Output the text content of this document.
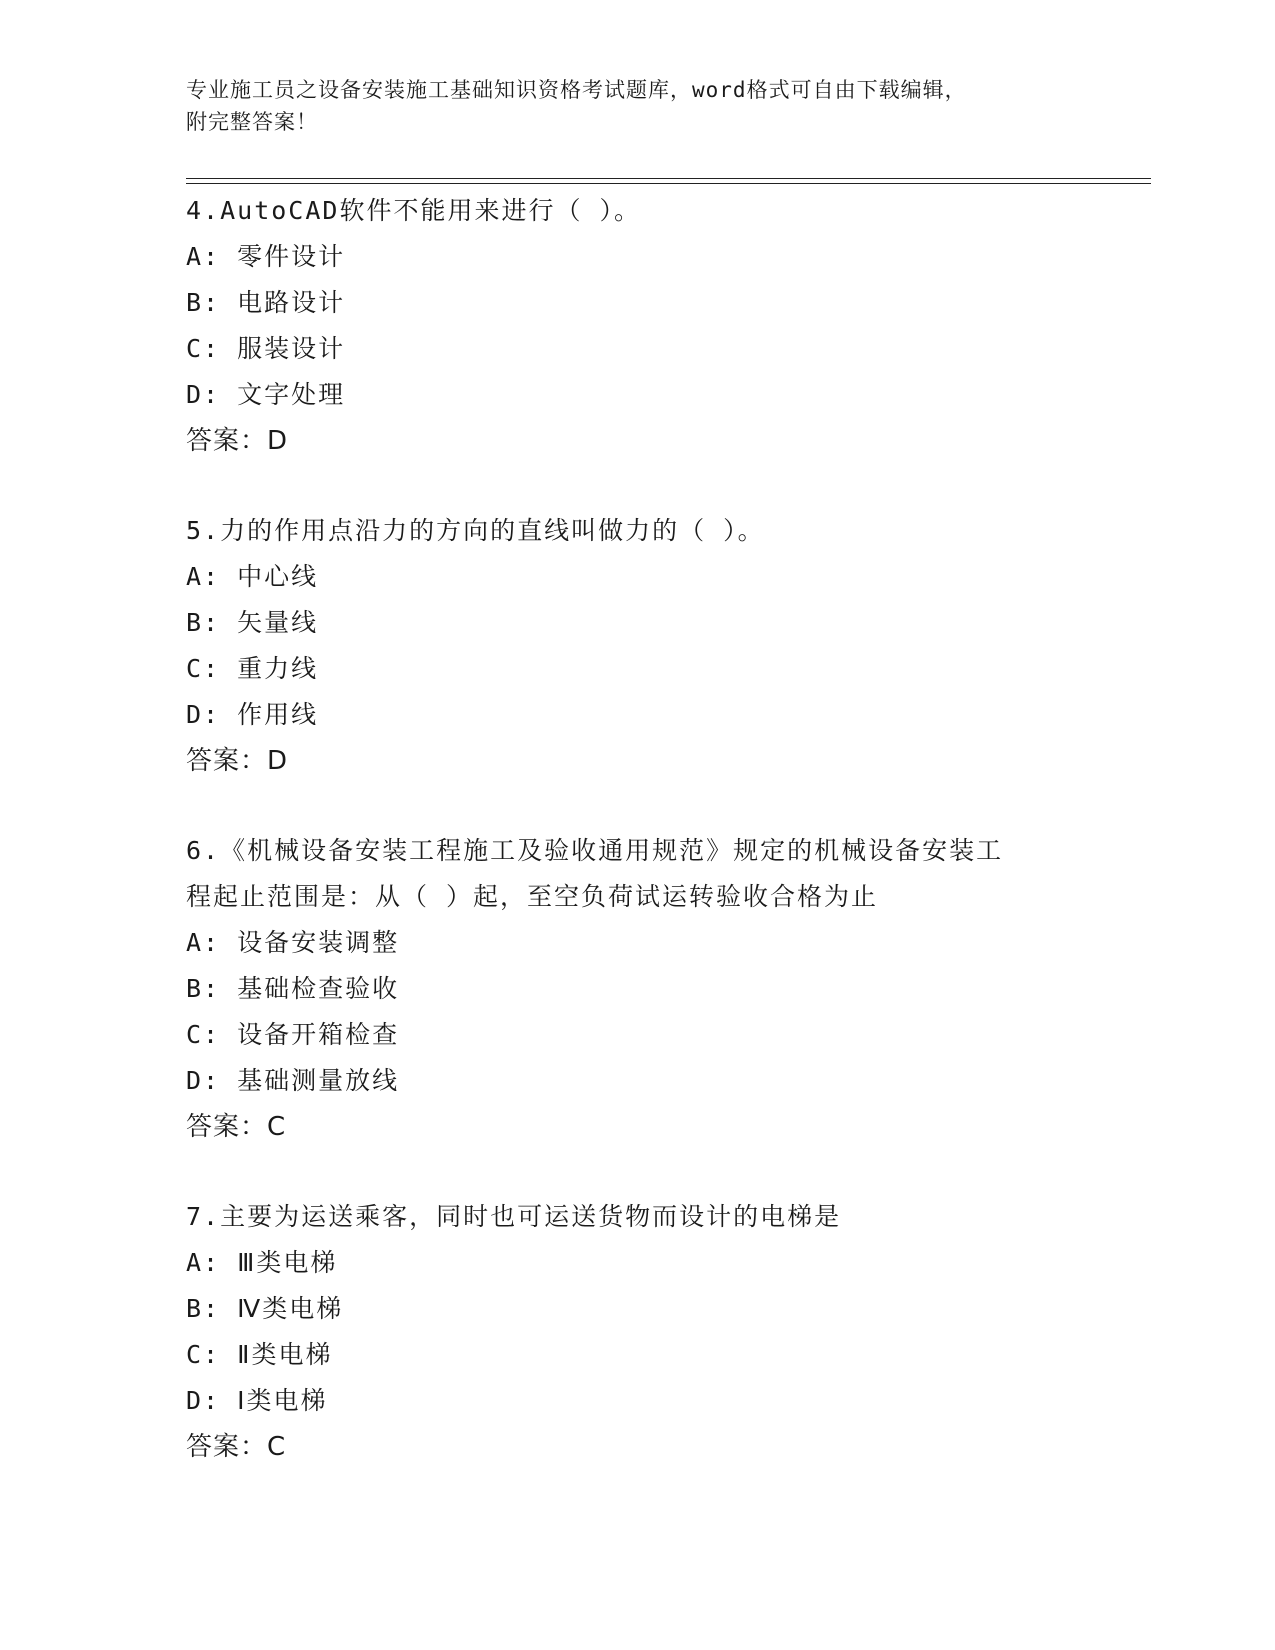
专业施工员之设备安装施工基础知识资格考试题库，word格式可自由下载编辑，
附完整答案！
4.AutoCAD软件不能用来进行（ ）。
A: 零件设计
B: 电路设计
C: 服装设计
D: 文字处理
答案：D
5.力的作用点沿力的方向的直线叫做力的（ ）。
A: 中心线
B: 矢量线
C: 重力线
D: 作用线
答案：D
6.《机械设备安装工程施工及验收通用规范》规定的机械设备安装工
程起止范围是：从（ ）起，至空负荷试运转验收合格为止
A: 设备安装调整
B: 基础检查验收
C: 设备开箱检查
D: 基础测量放线
答案：C
7.主要为运送乘客，同时也可运送货物而设计的电梯是
A: Ⅲ类电梯
B: Ⅳ类电梯
C: Ⅱ类电梯
D: Ⅰ类电梯
答案：C
